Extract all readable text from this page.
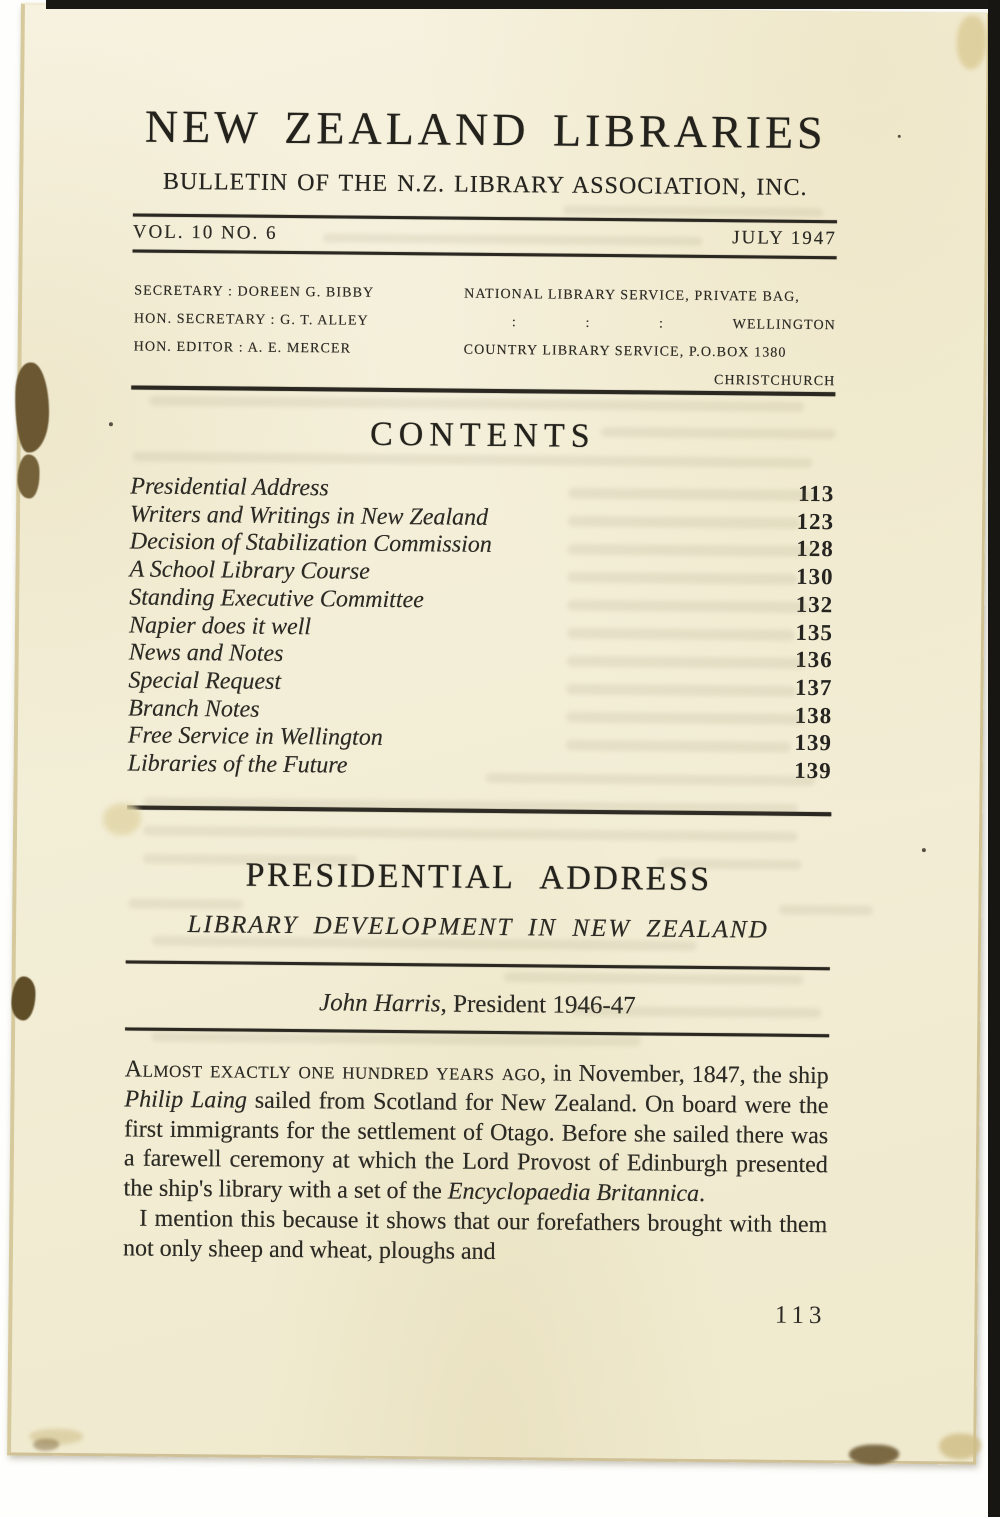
NEW ZEALAND LIBRARIES
BULLETIN OF THE N.Z. LIBRARY ASSOCIATION, INC.
VOL. 10 NO. 6	JULY 1947
SECRETARY : DOREEN G. BIBBY
HON. SECRETARY : G. T. ALLEY
HON. EDITOR : A. E. MERCER
NATIONAL LIBRARY SERVICE, PRIVATE BAG,
:	:	:	WELLINGTON
COUNTRY LIBRARY SERVICE, P.O.BOX 1380
CHRISTCHURCH
CONTENTS
Presidential Address	113
Writers and Writings in New Zealand	123
Decision of Stabilization Commission	128
A School Library Course	130
Standing Executive Committee	132
Napier does it well	135
News and Notes	136
Special Request	137
Branch Notes	138
Free Service in Wellington	139
Libraries of the Future	139
PRESIDENTIAL ADDRESS
LIBRARY DEVELOPMENT IN NEW ZEALAND
John Harris, President 1946-47

Almost exactly one hundred years ago, in November, 1847, the ship Philip Laing sailed from Scotland for New Zealand. On board were the first immigrants for the settlement of Otago. Before she sailed there was a farewell ceremony at which the Lord Provost of Edinburgh presented the ship's library with a set of the Encyclopaedia Britannica.

I mention this because it shows that our forefathers brought with them not only sheep and wheat, ploughs and

113
